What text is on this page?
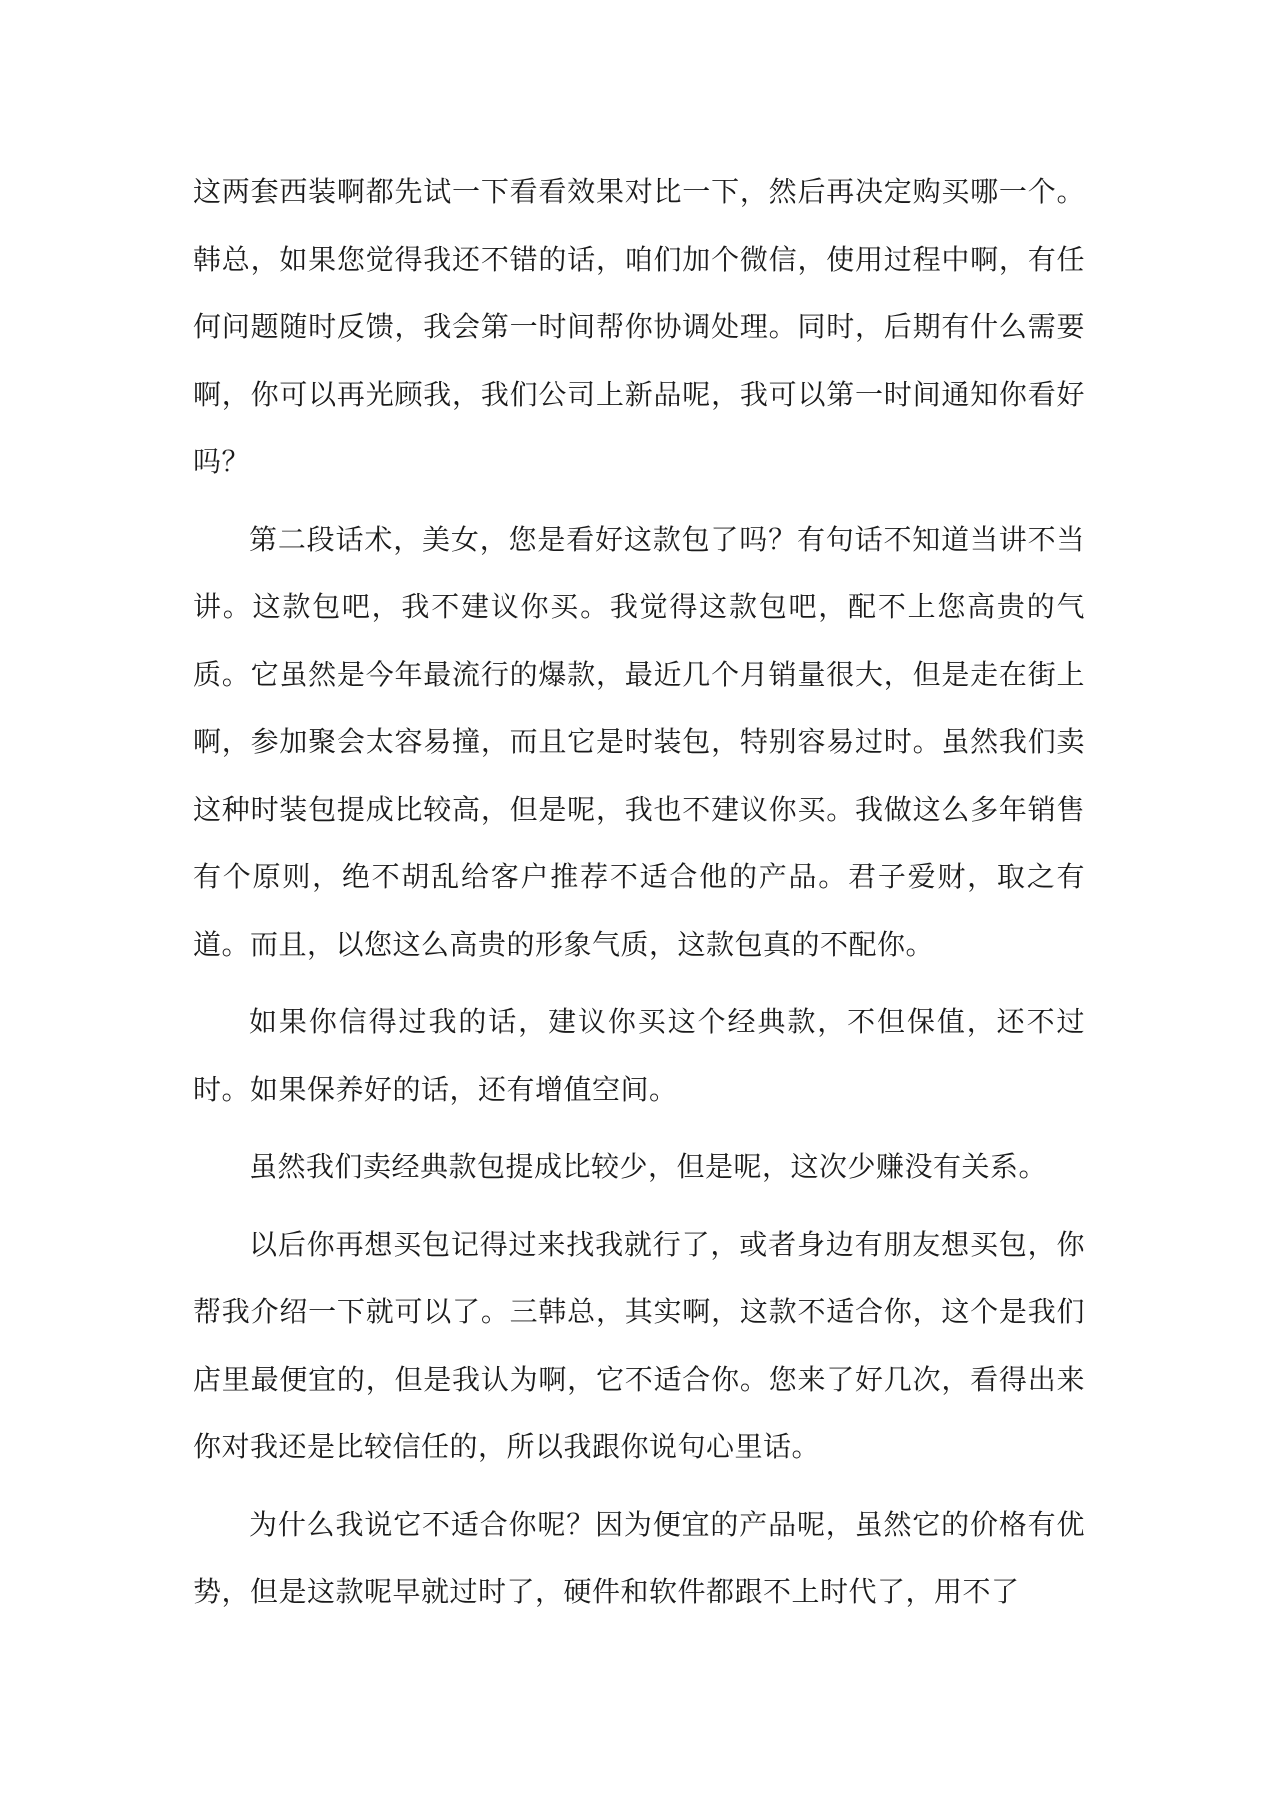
这两套西装啊都先试一下看看效果对比一下，然后再决定购买哪一个。韩总，如果您觉得我还不错的话，咱们加个微信，使用过程中啊，有任何问题随时反馈，我会第一时间帮你协调处理。同时，后期有什么需要啊，你可以再光顾我，我们公司上新品呢，我可以第一时间通知你看好吗？

第二段话术，美女，您是看好这款包了吗？有句话不知道当讲不当讲。这款包吧，我不建议你买。我觉得这款包吧，配不上您高贵的气质。它虽然是今年最流行的爆款，最近几个月销量很大，但是走在街上啊，参加聚会太容易撞，而且它是时装包，特别容易过时。虽然我们卖这种时装包提成比较高，但是呢，我也不建议你买。我做这么多年销售有个原则，绝不胡乱给客户推荐不适合他的产品。君子爱财，取之有道。而且，以您这么高贵的形象气质，这款包真的不配你。

如果你信得过我的话，建议你买这个经典款，不但保值，还不过时。如果保养好的话，还有增值空间。

虽然我们卖经典款包提成比较少，但是呢，这次少赚没有关系。

以后你再想买包记得过来找我就行了，或者身边有朋友想买包，你帮我介绍一下就可以了。三韩总，其实啊，这款不适合你，这个是我们店里最便宜的，但是我认为啊，它不适合你。您来了好几次，看得出来你对我还是比较信任的，所以我跟你说句心里话。

为什么我说它不适合你呢？因为便宜的产品呢，虽然它的价格有优势，但是这款呢早就过时了，硬件和软件都跟不上时代了，用不了
